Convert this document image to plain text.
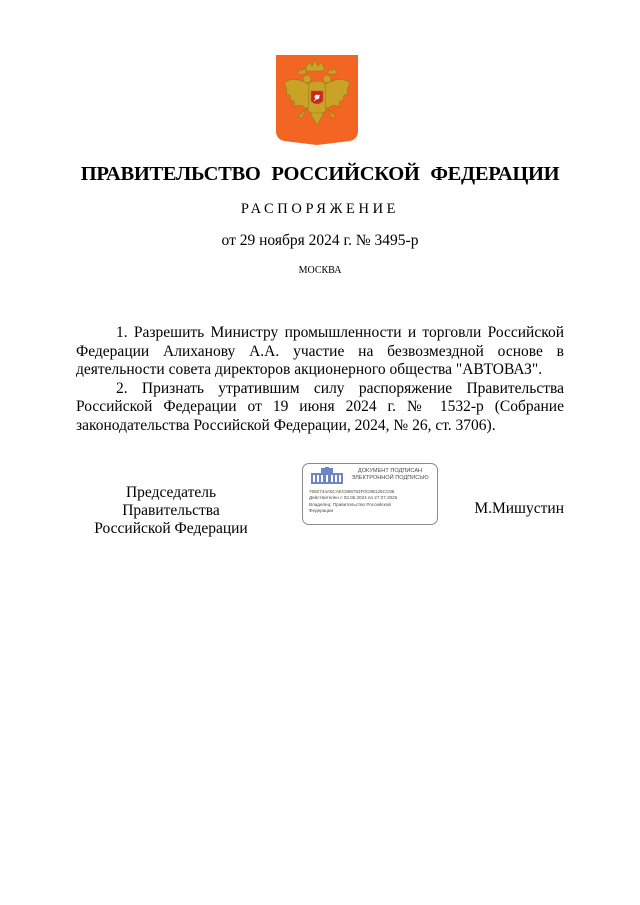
ПРАВИТЕЛЬСТВО РОССИЙСКОЙ ФЕДЕРАЦИИ
РАСПОРЯЖЕНИЕ
от 29 ноября 2024 г. № 3495-р
МОСКВА

1. Разрешить Министру промышленности и торговли Российской Федерации Алиханову А.А. участие на безвозмездной основе в деятельности совета директоров акционерного общества "АВТОВАЗ".

2. Признать утратившим силу распоряжение Правительства Российской Федерации от 19 июня 2024 г. № 1532-р (Собрание законодательства Российской Федерации, 2024, № 26, ст. 3706).

Председатель Правительства
Российской Федерации
ДОКУМЕНТ ПОДПИСАН
ЭЛЕКТРОННОЙ ПОДПИСЬЮ
7682744A5CAEC896763F0C8B125CC86
Действителен с 03.05.2024 по 27.07.2025
Владелец: Правительство Российской
Федерации	М.Мишустин
